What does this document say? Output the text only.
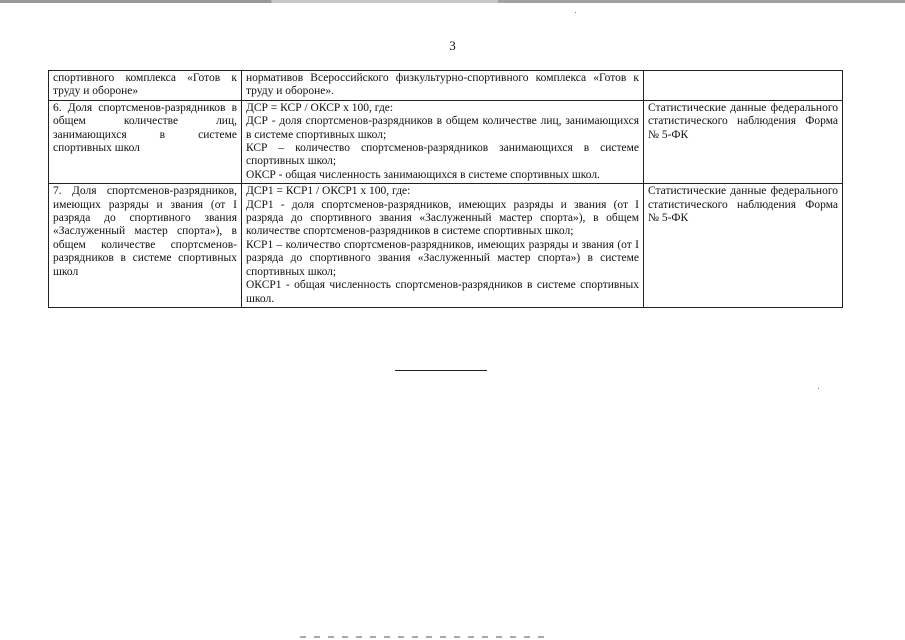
3
спортивного комплекса «Готов к труду и обороне»	нормативов Всероссийского физкультурно-спортивного комплекса «Готов к труду и обороне».	

6. Доля спортсменов-разрядников в общем количестве лиц, занимающихся в системе спортивных школ	ДСР = КСР / ОКСР х 100, где:
ДСР - доля спортсменов-разрядников в общем количестве лиц, занимающихся в системе спортивных школ;
КСР – количество спортсменов-разрядников занимающихся в системе спортивных школ;
ОКСР - общая численность занимающихся в системе спортивных школ.	Статистические данные федерального статистического наблюдения Форма № 5-ФК

7. Доля спортсменов-разрядников, имеющих разряды и звания (от I разряда до спортивного звания «Заслуженный мастер спорта»), в общем количестве спортсменов-разрядников в системе спортивных школ	ДСР1 = КСР1 / ОКСР1 х 100, где:
ДСР1 - доля спортсменов-разрядников, имеющих разряды и звания (от I разряда до спортивного звания «Заслуженный мастер спорта»), в общем количестве спортсменов-разрядников в системе спортивных школ;
КСР1 – количество спортсменов-разрядников, имеющих разряды и звания (от I разряда до спортивного звания «Заслуженный мастер спорта») в системе спортивных школ;
ОКСР1 - общая численность спортсменов-разрядников в системе спортивных школ.	Статистические данные федерального статистического наблюдения Форма № 5-ФК
